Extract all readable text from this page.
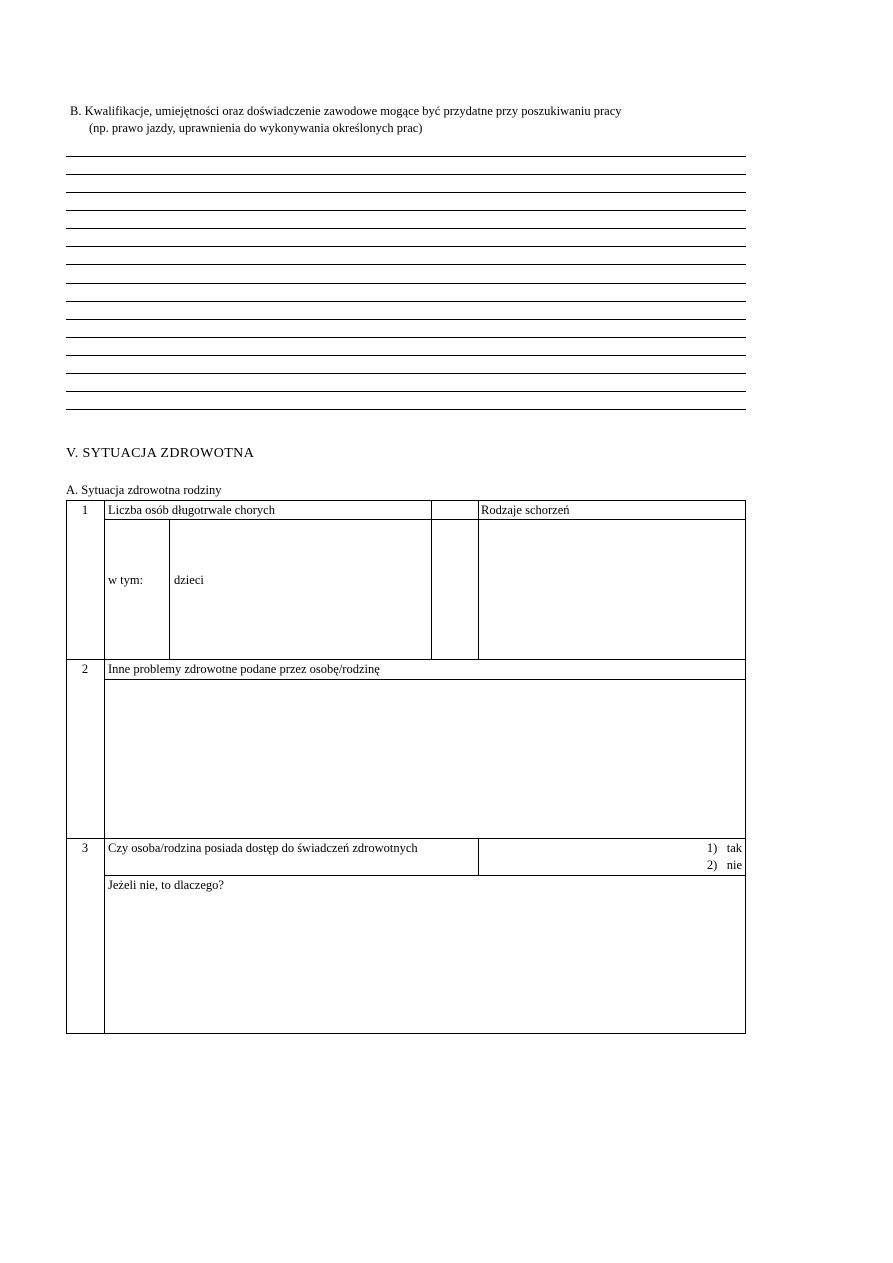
B. Kwalifikacje, umiejętności oraz doświadczenie zawodowe mogące być przydatne przy poszukiwaniu pracy
(np. prawo jazdy, uprawnienia do wykonywania określonych prac)
V. SYTUACJA ZDROWOTNA
A. Sytuacja zdrowotna rodziny
1	Liczba osób długotrwale chorych	Rodzaje schorzeń
w tym: dzieci
2	Inne problemy zdrowotne podane przez osobę/rodzinę
3	Czy osoba/rodzina posiada dostęp do świadczeń zdrowotnych	1) tak
2) nie
Jeżeli nie, to dlaczego?
